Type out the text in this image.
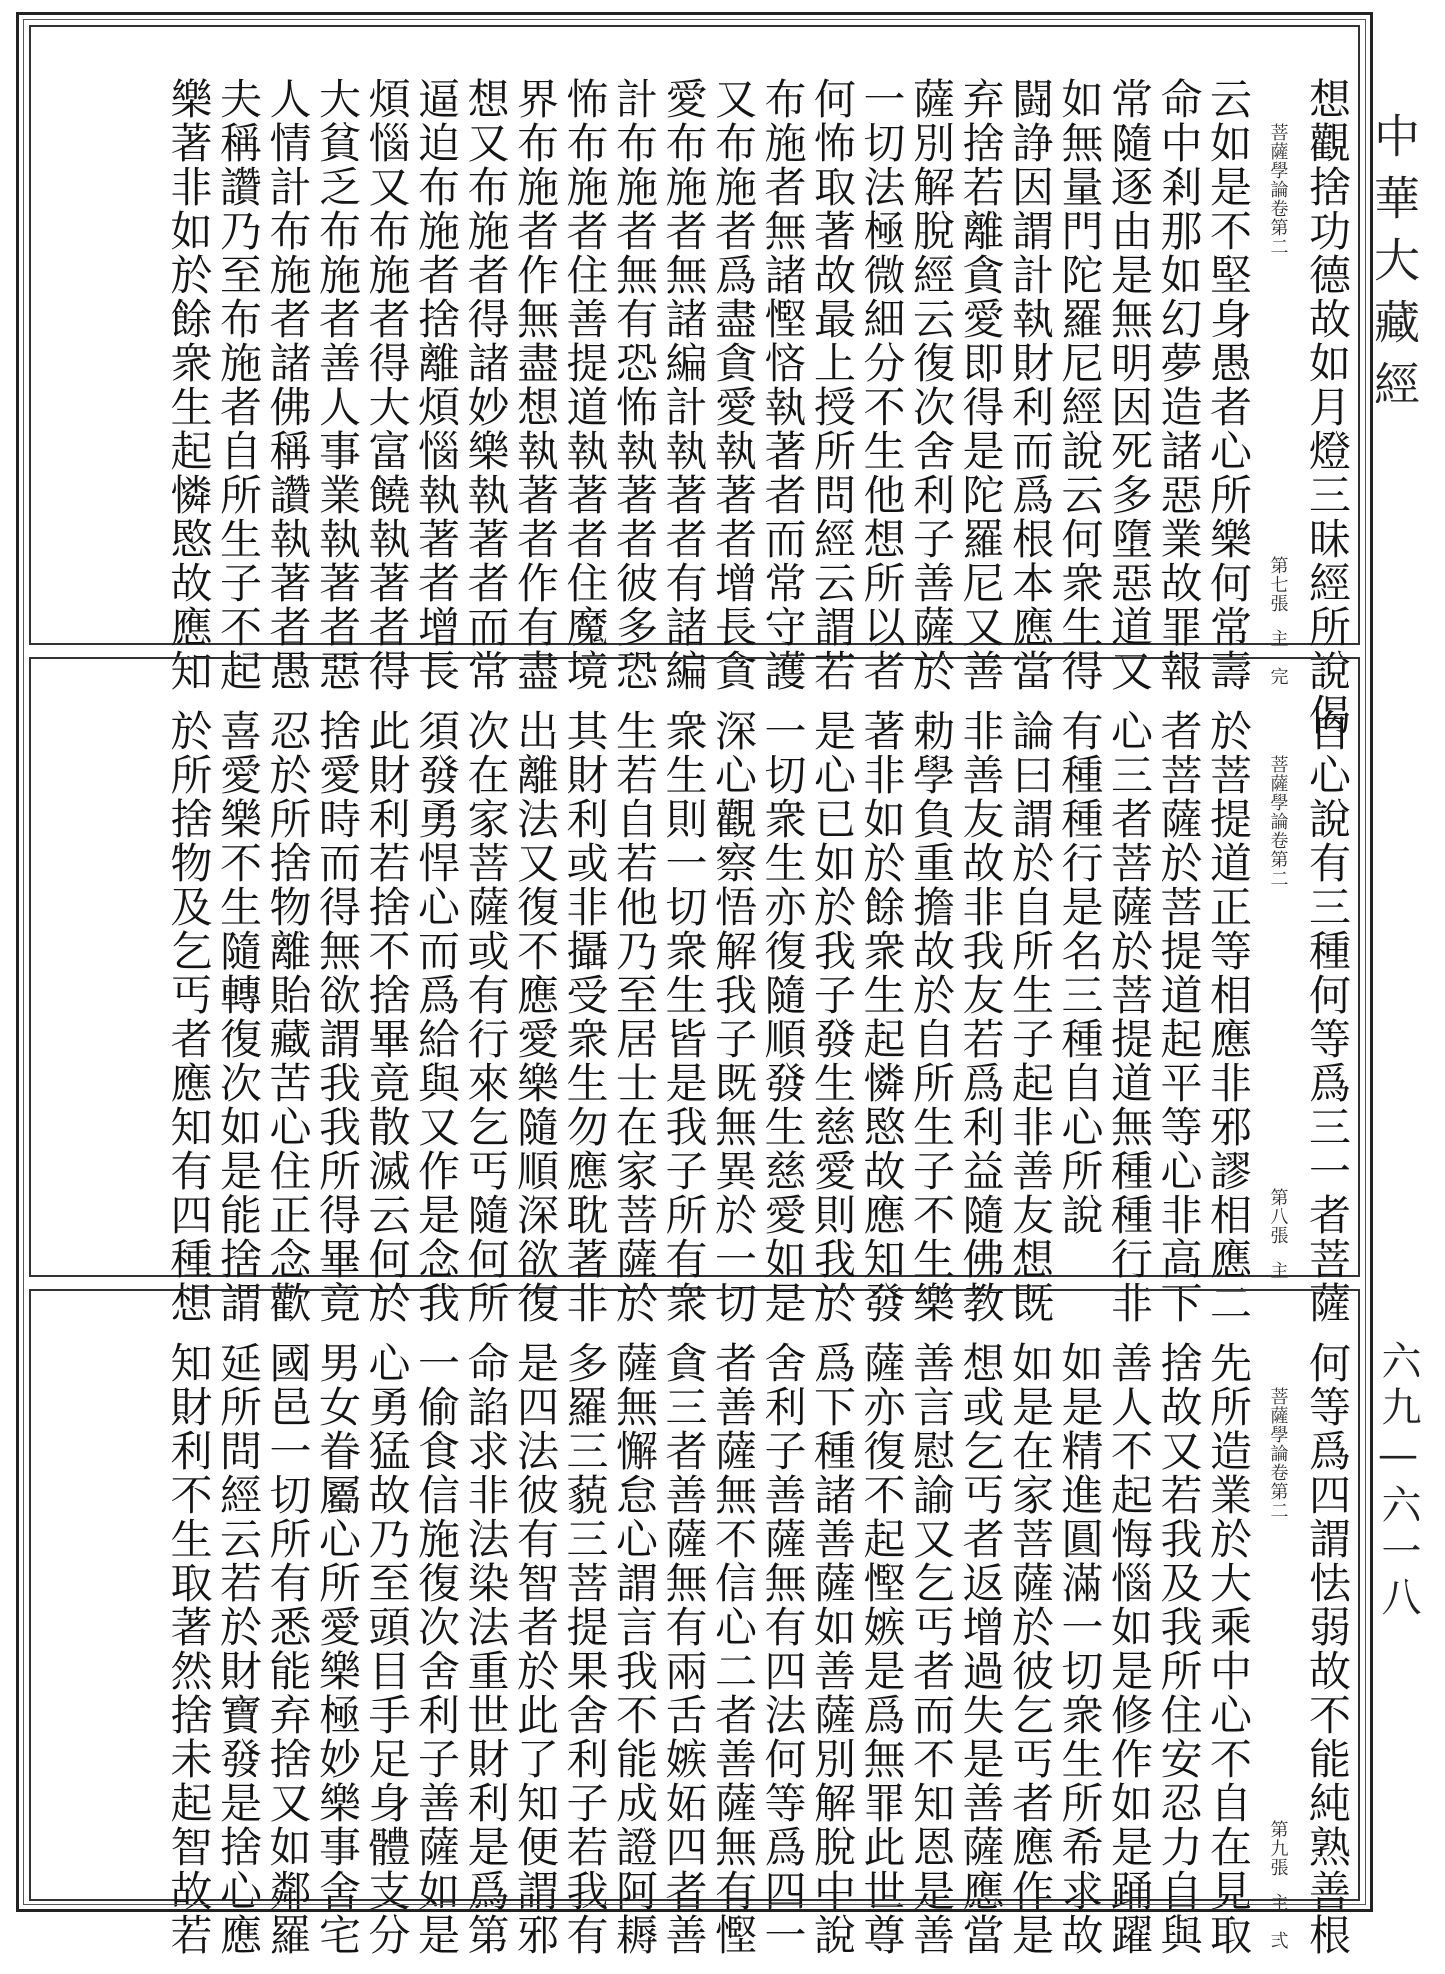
想觀捨功德故如月燈三昧經所說偈
菩薩學論卷第二第七張主　完
云如是不堅身愚者心所樂何常壽
命中剎那如幻夢造諸惡業故罪報
常隨逐由是無明因死多墮惡道又
如無量門陀羅尼經說云何衆生得
闘諍因謂計執財利而爲根本應當
弃捨若離貪愛即得是陀羅尼又善
薩別解脫經云復次舍利子善薩於
一切法極微細分不生他想所以者
何怖取著故最上授所問經云謂若
布施者無諸慳悋執著者而常守護
又布施者爲盡貪愛執著者增長貪
愛布施者無諸編計執著者有諸編
計布施者無有恐怖執著者彼多恐
怖布施者住善提道執著者住魔境
界布施者作無盡想執著者作有盡
想又布施者得諸妙樂執著者而常
逼迫布施者捨離煩惱執著者增長
煩惱又布施者得大富饒執著者得
大貧乏布施者善人事業執著者惡
人情計布施者諸佛稱讚執著者愚
夫稱讚乃至布施者自所生子不起
樂著非如於餘衆生起憐愍故應知
自心說有三種何等爲三一者菩薩
菩薩學論卷第二第八張主
於菩提道正等相應非邪謬相應二
者菩薩於菩提道起平等心非高下
心三者菩薩於菩提道無種種行非
有種種行是名三種自心所說
論曰謂於自所生子起非善友想既
非善友故非我友若爲利益隨佛教
勅學負重擔故於自所生子不生樂
著非如於餘衆生起憐愍故應知發
是心已如於我子發生慈愛則我於
一切衆生亦復隨順發生慈愛如是
深心觀察悟解我子既無異於一切
衆生則一切衆生皆是我子所有衆
生若自若他乃至居士在家菩薩於
其財利或非攝受衆生勿應耽著非
出離法又復不應愛樂隨順深欲復
次在家菩薩或有行來乞丐隨何所
須發勇悍心而爲給與又作是念我
此財利若捨不捨畢竟散滅云何於
捨愛時而得無欲謂我我所得畢竟
忍於所捨物離貽藏苦心住正念歡
喜愛樂不生隨轉復次如是能捨謂
於所捨物及乞丐者應知有四種想
何等爲四謂怯弱故不能純熟善根
菩薩學論卷第二第九張主　弍
先所造業於大乘中心不自在見取
捨故又若我及我所住安忍力自與
善人不起悔惱如是修作如是踊躍
如是精進圓滿一切衆生所希求故
如是在家菩薩於彼乞丐者應作是
想或乞丐者返增過失是善薩應當
善言慰諭又乞丐者而不知恩是善
薩亦復不起慳嫉是爲無罪此世尊
爲下種諸善薩如善薩別解脫中說
舍利子善薩無有四法何等爲四一
者善薩無不信心二者善薩無有慳
貪三者善薩無有兩舌嫉妬四者善
薩無懈怠心謂言我不能成證阿耨
多羅三藐三菩提果舍利子若我有
是四法彼有智者於此了知便謂邪
命諂求非法染法重世財利是爲第
一偷食信施復次舍利子善薩如是
心勇猛故乃至頭目手足身體支分
男女眷屬心所愛樂極妙樂事舍宅
國邑一切所有悉能弃捨又如鄰羅
延所問經云若於財寶發是捨心應
知財利不生取著然捨未起智故若
中華大藏經
六九—六一八
